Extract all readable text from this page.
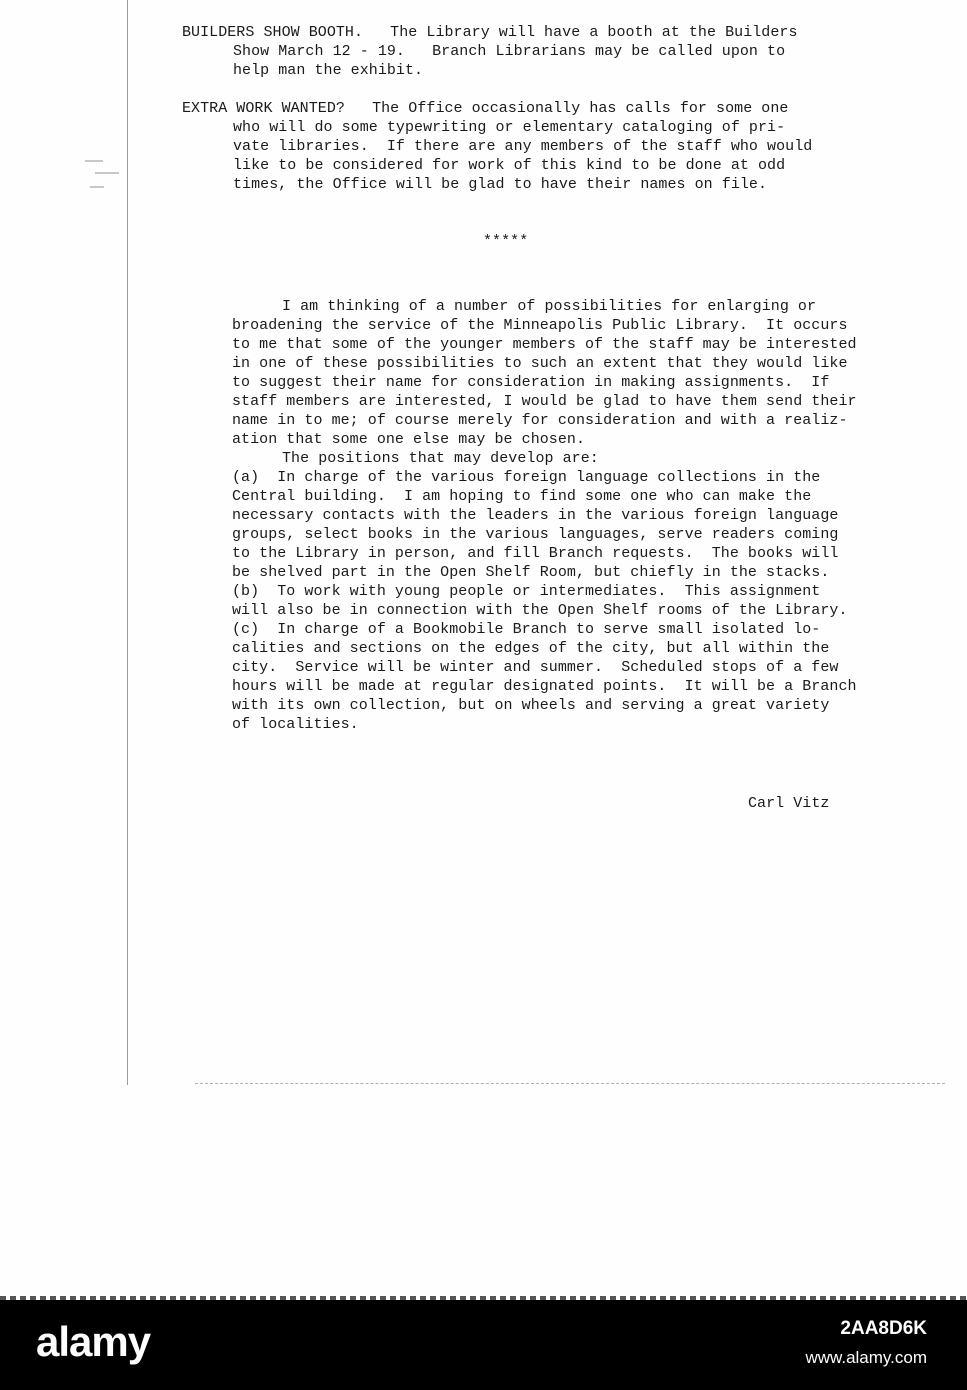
BUILDERS SHOW BOOTH.   The Library will have a booth at the Builders
Show March 12 - 19.   Branch Librarians may be called upon to
help man the exhibit.
EXTRA WORK WANTED?   The Office occasionally has calls for some one
who will do some typewriting or elementary cataloging of pri-
vate libraries.  If there are any members of the staff who would
like to be considered for work of this kind to be done at odd
times, the Office will be glad to have their names on file.
*****
I am thinking of a number of possibilities for enlarging or
broadening the service of the Minneapolis Public Library.  It occurs
to me that some of the younger members of the staff may be interested
in one of these possibilities to such an extent that they would like
to suggest their name for consideration in making assignments.  If
staff members are interested, I would be glad to have them send their
name in to me; of course merely for consideration and with a realiz-
ation that some one else may be chosen.
The positions that may develop are:
(a)  In charge of the various foreign language collections in the
Central building.  I am hoping to find some one who can make the
necessary contacts with the leaders in the various foreign language
groups, select books in the various languages, serve readers coming
to the Library in person, and fill Branch requests.  The books will
be shelved part in the Open Shelf Room, but chiefly in the stacks.
(b)  To work with young people or intermediates.  This assignment
will also be in connection with the Open Shelf rooms of the Library.
(c)  In charge of a Bookmobile Branch to serve small isolated lo-
calities and sections on the edges of the city, but all within the
city.  Service will be winter and summer.  Scheduled stops of a few
hours will be made at regular designated points.  It will be a Branch
with its own collection, but on wheels and serving a great variety
of localities.
Carl Vitz
alamy	2AA8D6K
www.alamy.com
